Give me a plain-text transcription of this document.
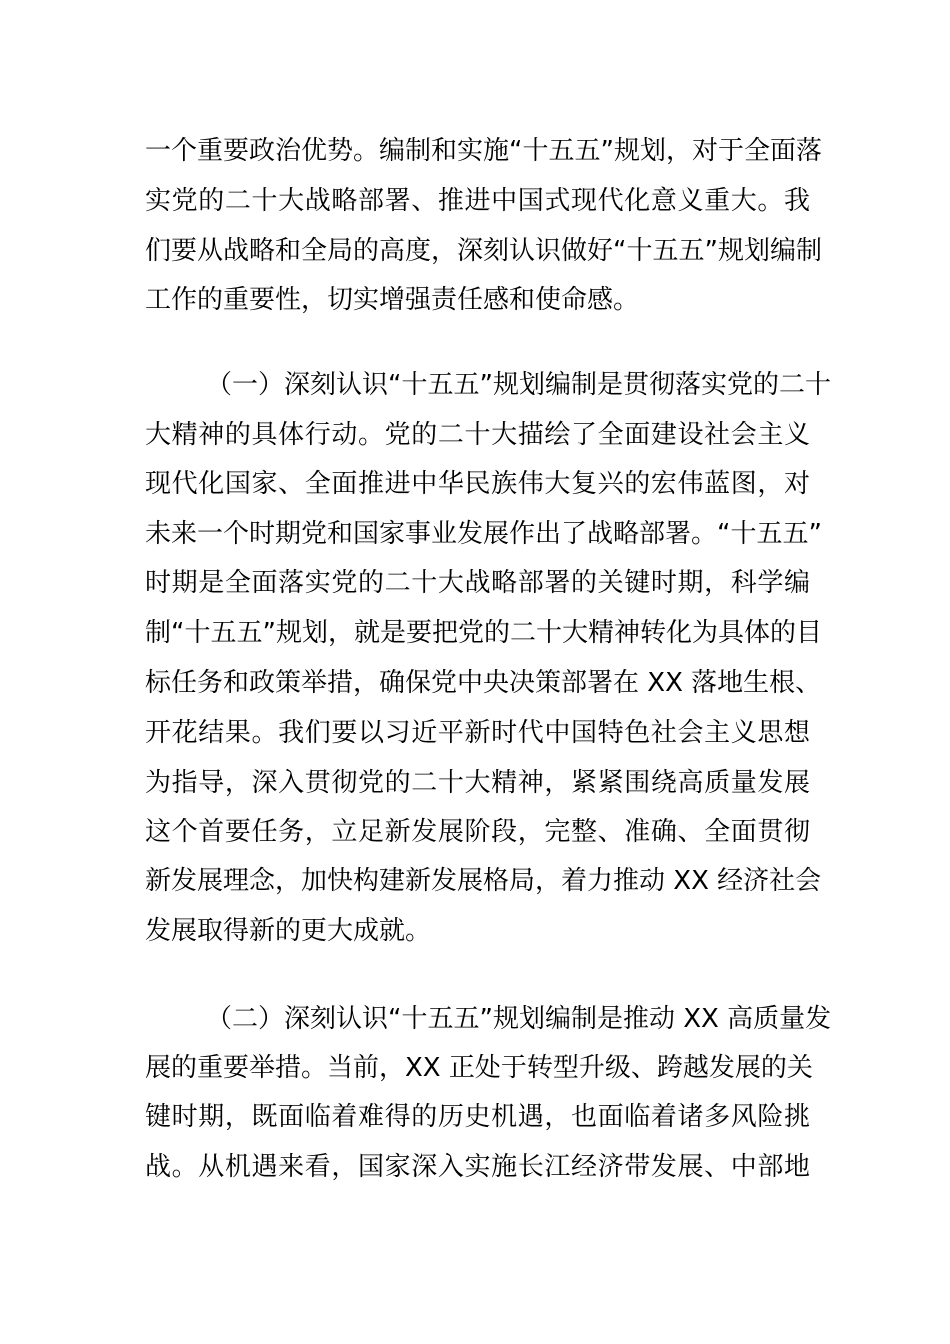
一个重要政治优势。编制和实施“十五五”规划，对于全面落

实党的二十大战略部署、推进中国式现代化意义重大。我

们要从战略和全局的高度，深刻认识做好“十五五”规划编制

工作的重要性，切实增强责任感和使命感。

（一）深刻认识“十五五”规划编制是贯彻落实党的二十

大精神的具体行动。党的二十大描绘了全面建设社会主义

现代化国家、全面推进中华民族伟大复兴的宏伟蓝图，对

未来一个时期党和国家事业发展作出了战略部署。“十五五”

时期是全面落实党的二十大战略部署的关键时期，科学编

制“十五五”规划，就是要把党的二十大精神转化为具体的目

标任务和政策举措，确保党中央决策部署在 XX 落地生根、

开花结果。我们要以习近平新时代中国特色社会主义思想

为指导，深入贯彻党的二十大精神，紧紧围绕高质量发展

这个首要任务，立足新发展阶段，完整、准确、全面贯彻

新发展理念，加快构建新发展格局，着力推动 XX 经济社会

发展取得新的更大成就。

（二）深刻认识“十五五”规划编制是推动 XX 高质量发

展的重要举措。当前，XX 正处于转型升级、跨越发展的关

键时期，既面临着难得的历史机遇，也面临着诸多风险挑

战。从机遇来看，国家深入实施长江经济带发展、中部地
